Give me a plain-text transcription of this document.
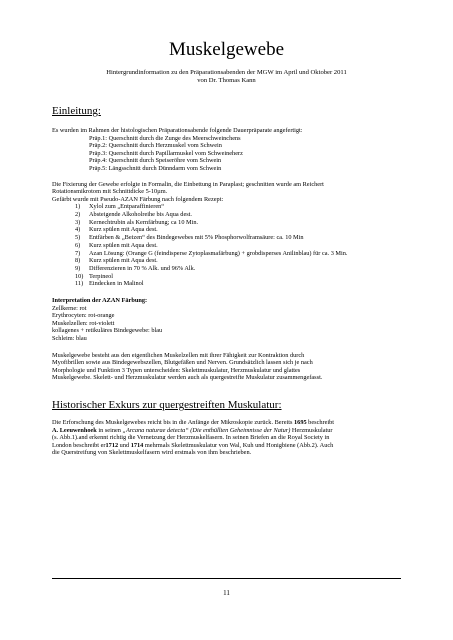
Muskelgewebe
Hintergrundinformation zu den Präparationsabenden der MGW im April und Oktober 2011
von Dr. Thomas Kann
Einleitung:

Es wurden im Rahmen der histologischen Präparationsabende folgende Dauerpräparate angefertigt:

Präp.1: Querschnitt durch die Zunge des Meerschweinchens

Präp.2: Querschnitt durch Herzmuskel vom Schwein

Präp.3: Querschnitt durch Papillarmuskel vom Schweineherz

Präp.4: Querschnitt durch Speiseröhre vom Schwein

Präp.5: Längsschnitt durch Dünndarm vom Schwein

Die Fixierung der Gewebe erfolgte in Formalin, die Einbettung in Paraplast; geschnitten wurde am Reichert

Rotationsmikrotom mit Schnittdicke 5-10µm.

Gefärbt wurde mit Pseudo-AZAN Färbung nach folgendem Rezept:

1)	Xylol zum „Entparaffinieren“
2)	Absteigende Alkoholreihe bis Aqua dest.
3)	Kernechtrubin als Kernfärbung; ca 10 Min.
4)	Kurz spülen mit Aqua dest.
5)	Entfärben & „Beizen“ des Bindegewebes mit 5% Phosphorwolframsäure: ca. 10 Min
6)	Kurz spülen mit Aqua dest.
7)	Azan Lösung: (Orange G (feindisperse Zytoplasmafärbung) + grobdisperses Anilinblau) für ca. 3 Min.
8)	Kurz spülen mit Aqua dest.
9)	Differenzieren in 70 % Alk. und 96% Alk.
10) Terpineol
11) Eindecken in Malinol

Interpretation der AZAN Färbung:

Zellkerne: rot

Erythrocyten: rot-orange

Muskelzellen: rot-violett

kollagenes + retikuläres Bindegewebe: blau

Schleim: blau

Muskelgewebe besteht aus den eigentlichen Muskelzellen mit ihrer Fähigkeit zur Kontraktion durch

Myofibrillen sowie aus Bindegewebszellen, Blutgefäßen und Nerven. Grundsätzlich lassen sich je nach

Morphologie und Funktion 3 Typen unterscheiden: Skelettmuskulatur, Herzmuskulatur und glattes

Muskelgewebe. Skelett- und Herzmuskulatur werden auch als quergestreifte Muskulatur zusammengefasst.

Historischer Exkurs zur quergestreiften Muskulatur:

Die Erforschung des Muskelgewebes reicht bis in die Anfänge der Mikroskopie zurück. Bereits 1695 beschreibt

A. Leeuwenhoek in seinen „Arcana naturae detecta“ (Die enthüllten Geheimnisse der Natur) Herzmuskulatur

(s. Abb.1).and erkennt richtig die Vernetzung der Herzmuskelfasern. In seinen Briefen an die Royal Society in

London beschreibt er1712 und 1714 mehrmals Skelettmuskulatur von Wal, Kuh und Honigbiene (Abb.2). Auch

die Querstreifung von Skelettmuskelfasern wird erstmals von ihm beschrieben.

11
